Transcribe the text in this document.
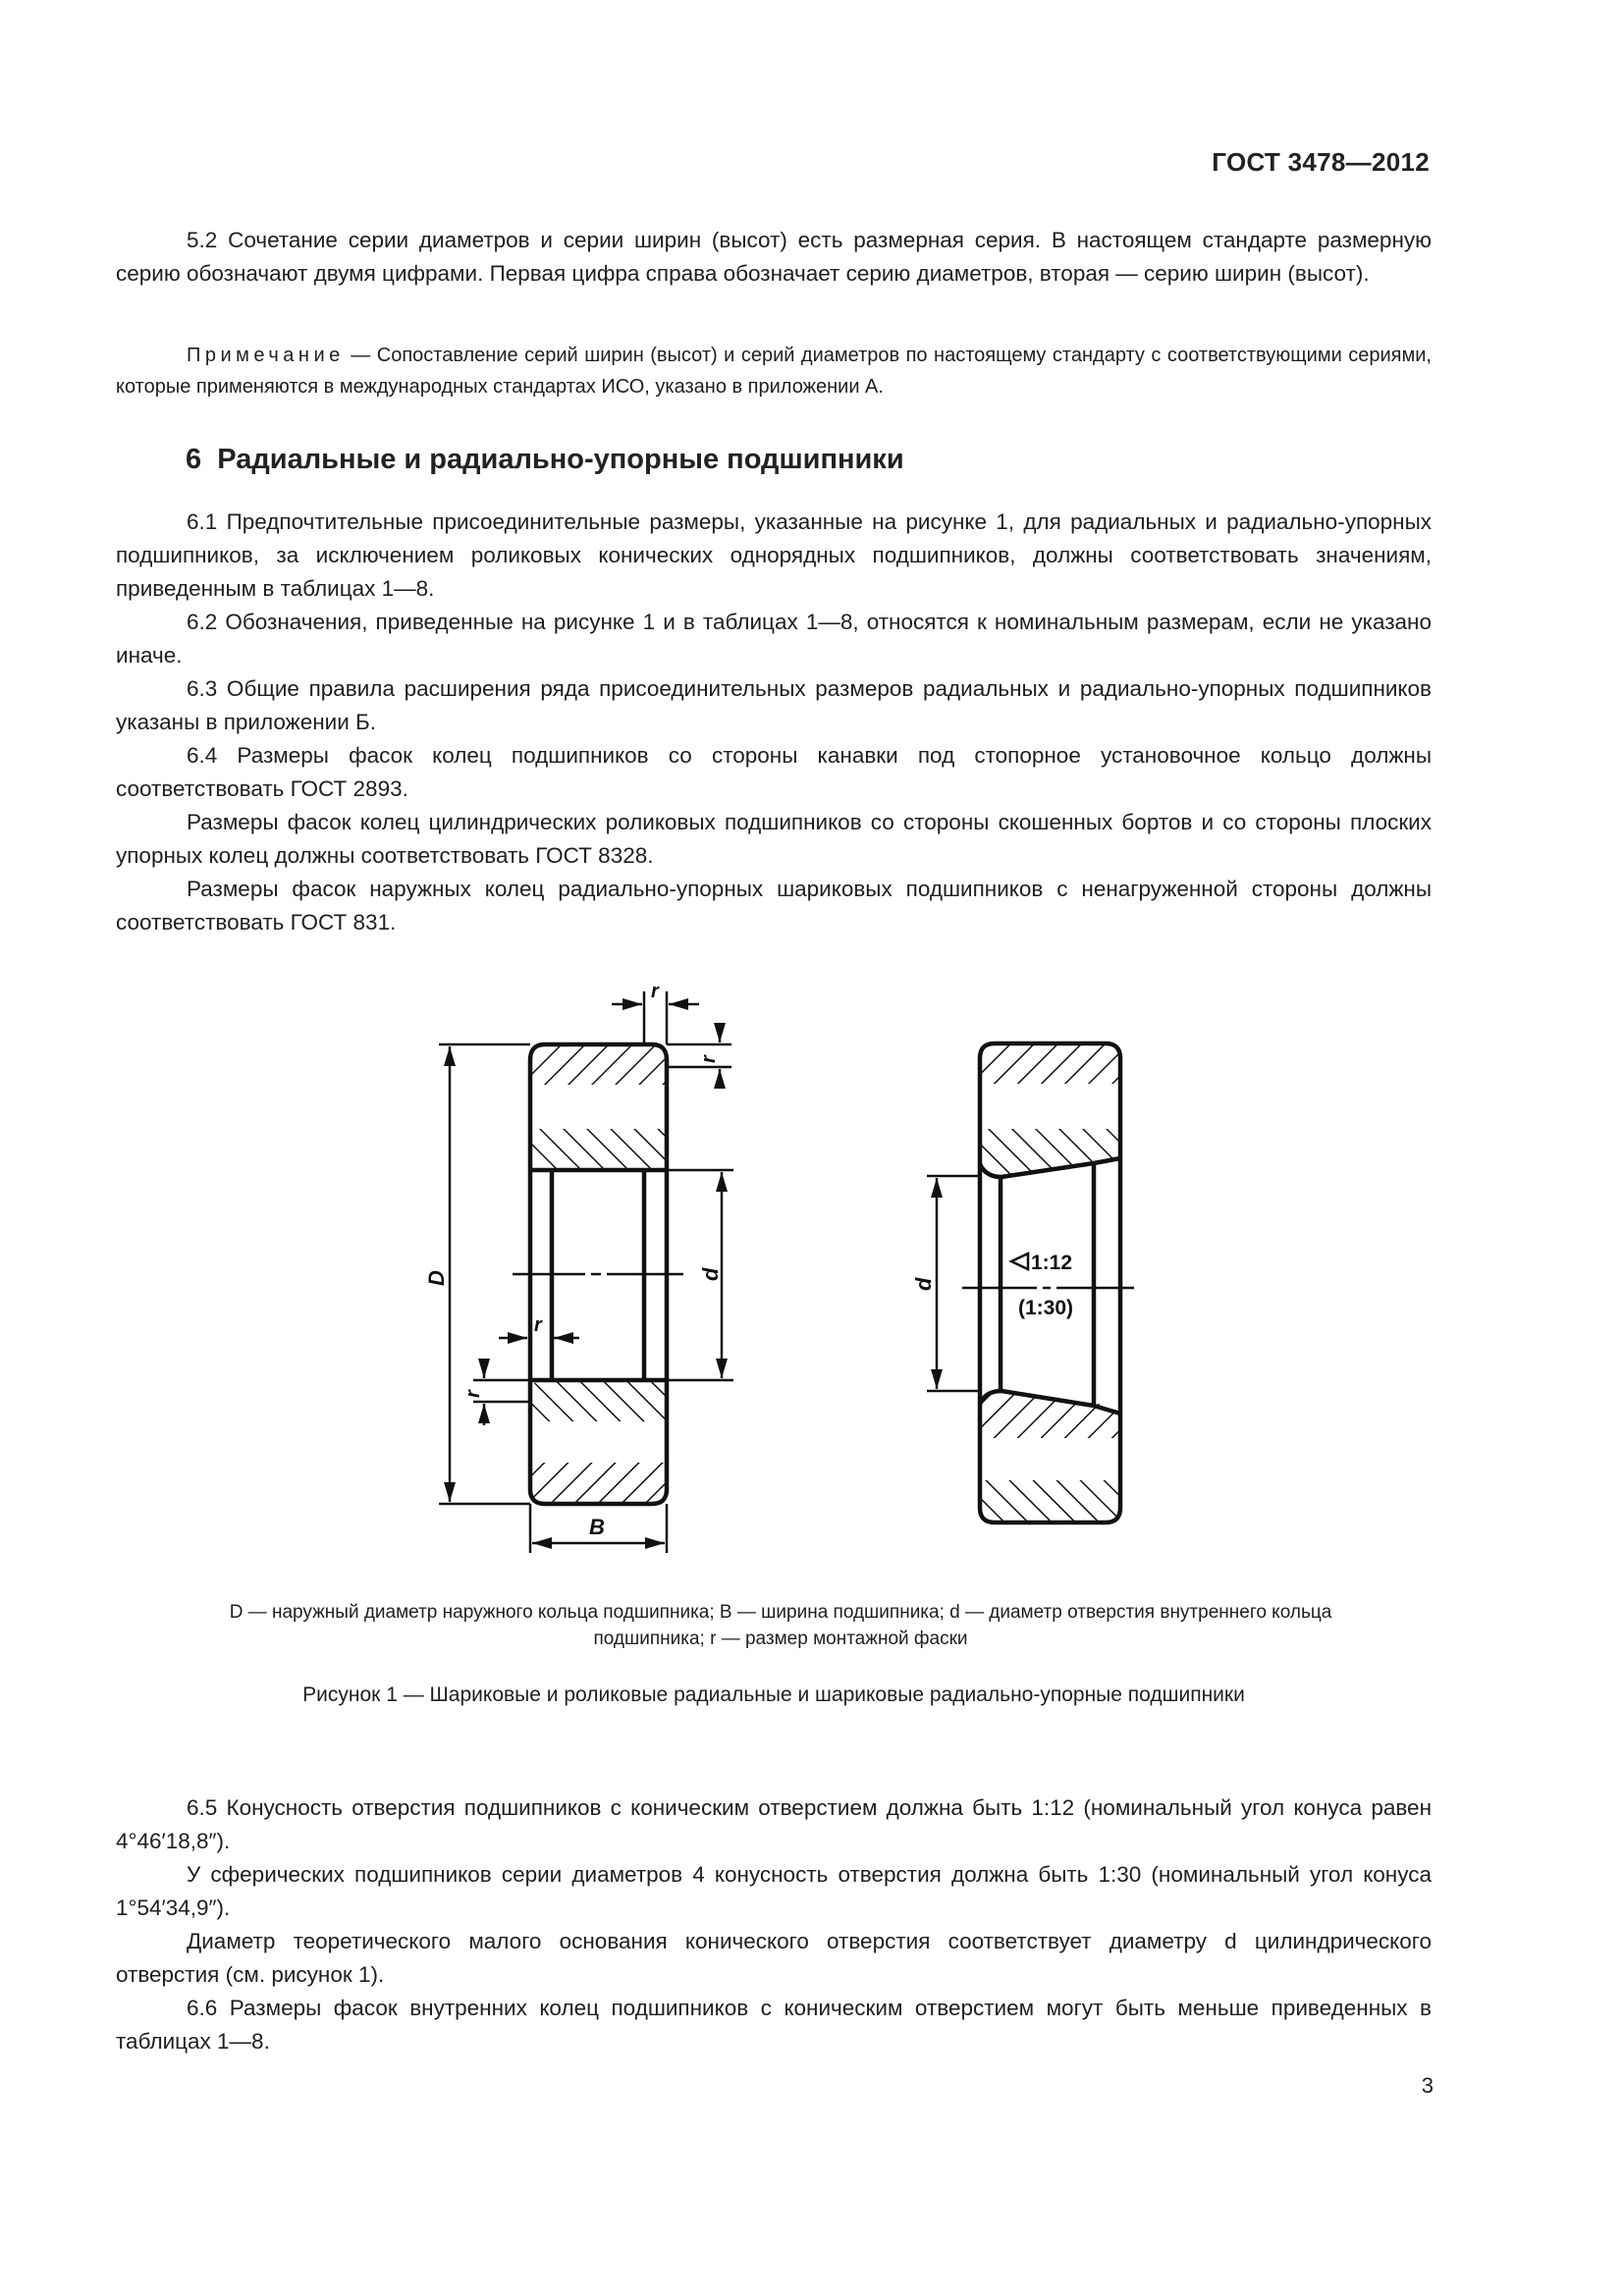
ГОСТ 3478—2012

5.2 Сочетание серии диаметров и серии ширин (высот) есть размерная серия. В настоящем стандарте размерную серию обозначают двумя цифрами. Первая цифра справа обозначает серию диаметров, вторая — серию ширин (высот).

Примечание — Сопоставление серий ширин (высот) и серий диаметров по настоящему стандарту с соответствующими сериями, которые применяются в международных стандартах ИСО, указано в приложении А.

6  Радиальные и радиально-упорные подшипники

6.1 Предпочтительные присоединительные размеры, указанные на рисунке 1, для радиальных и радиально-упорных подшипников, за исключением роликовых конических однорядных подшипников, должны соответствовать значениям, приведенным в таблицах 1—8.

6.2 Обозначения, приведенные на рисунке 1 и в таблицах 1—8, относятся к номинальным размерам, если не указано иначе.

6.3 Общие правила расширения ряда присоединительных размеров радиальных и радиально-упорных подшипников указаны в приложении Б.

6.4 Размеры фасок колец подшипников со стороны канавки под стопорное установочное кольцо должны соответствовать ГОСТ 2893.

Размеры фасок колец цилиндрических роликовых подшипников со стороны скошенных бортов и со стороны плоских упорных колец должны соответствовать ГОСТ 8328.

Размеры фасок наружных колец радиально-упорных шариковых подшипников с ненагруженной стороны должны соответствовать ГОСТ 831.

D	d
r
r
r
r
B
d
1:12
(1:30)
D — наружный диаметр наружного кольца подшипника; B — ширина подшипника; d — диаметр отверстия внутреннего кольца
подшипника; r — размер монтажной фаски
Рисунок 1 — Шариковые и роликовые радиальные и шариковые радиально-упорные подшипники

6.5 Конусность отверстия подшипников с коническим отверстием должна быть 1:12 (номинальный угол конуса равен 4°46′18,8″).

У сферических подшипников серии диаметров 4 конусность отверстия должна быть 1:30 (номинальный угол конуса 1°54′34,9″).

Диаметр теоретического малого основания конического отверстия соответствует диаметру d цилиндрического отверстия (см. рисунок 1).

6.6 Размеры фасок внутренних колец подшипников с коническим отверстием могут быть меньше приведенных в таблицах 1—8.

3
